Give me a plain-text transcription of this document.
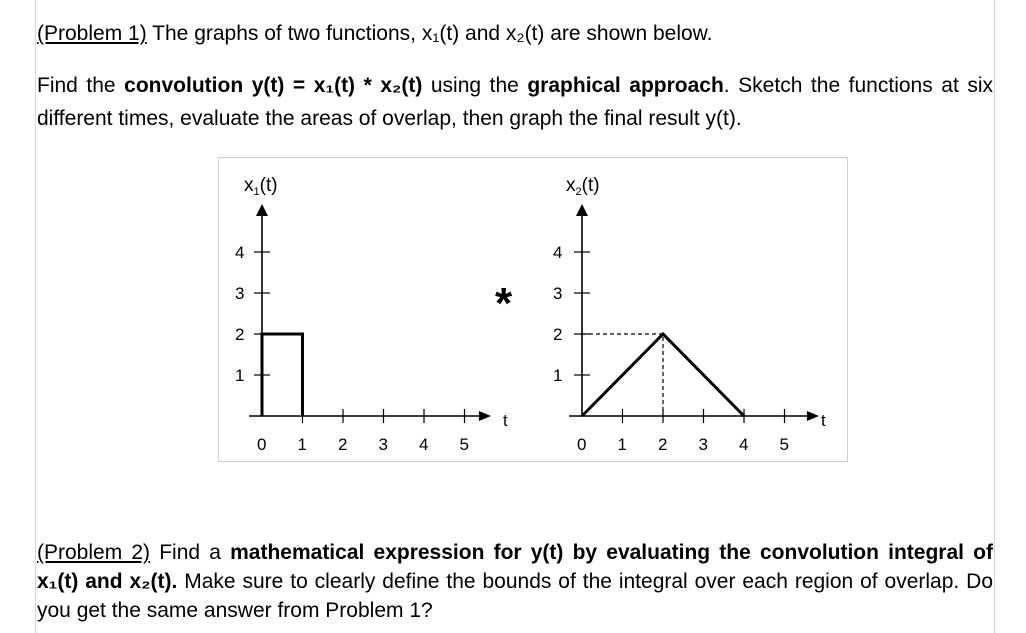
(Problem 1) The graphs of two functions, x₁(t) and x₂(t) are shown below.

Find the convolution y(t) = x₁(t) * x₂(t) using the graphical approach. Sketch the functions at six different times, evaluate the areas of overlap, then graph the final result y(t).

$x_1(t)$
t
1
2
3
4
0 1 2 3 4 5
*
$x_2(t)$
t
1
2
3
4
0 1 2 3 4 5

(Problem 2) Find a mathematical expression for y(t) by evaluating the convolution integral of x₁(t) and x₂(t). Make sure to clearly define the bounds of the integral over each region of overlap. Do you get the same answer from Problem 1?
